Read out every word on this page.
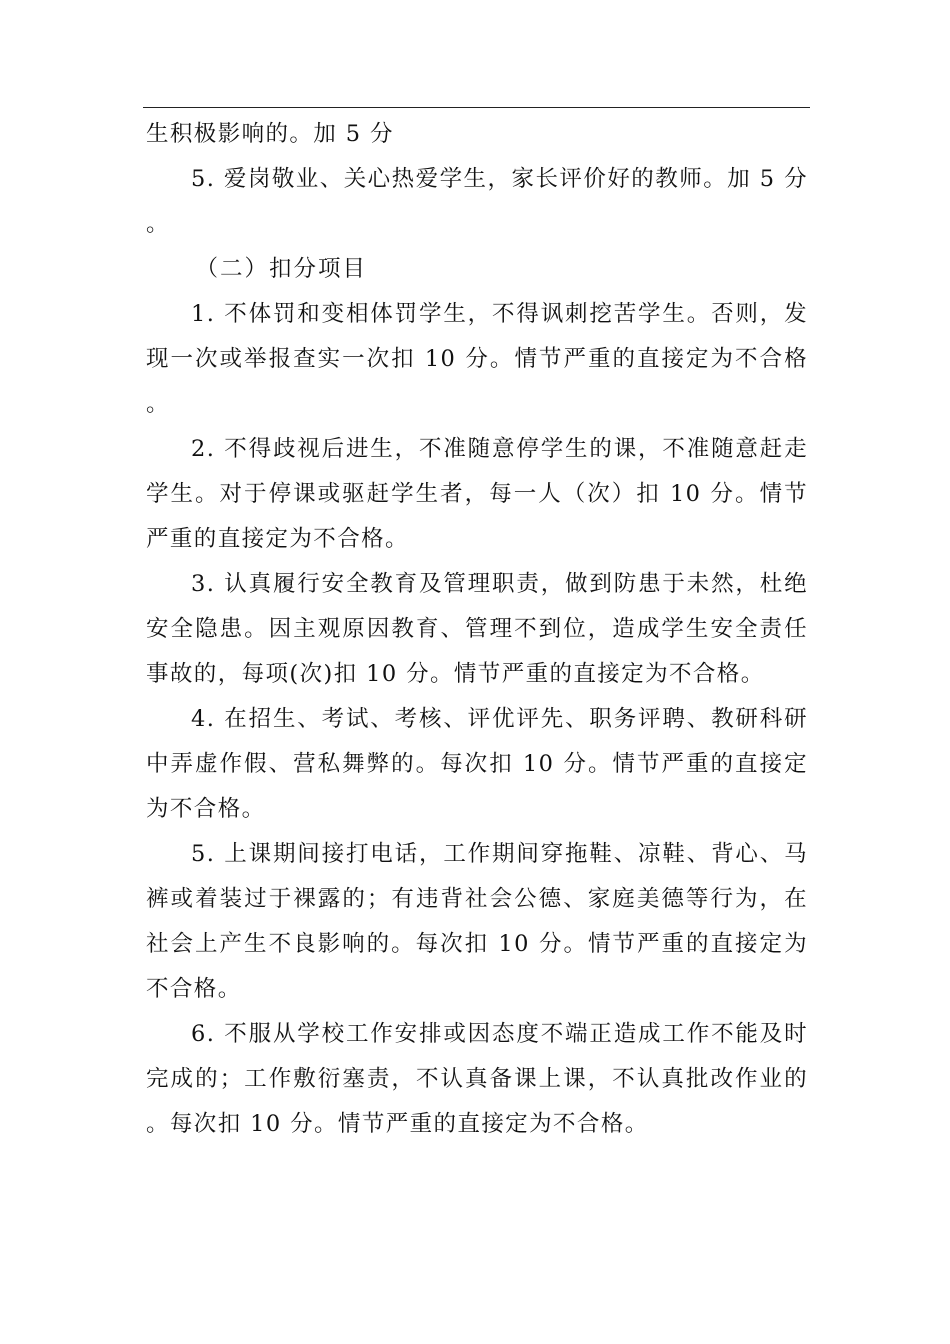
生积极影响的。加 5 分

5. 爱岗敬业、关心热爱学生，家长评价好的教师。加 5 分。

（二）扣分项目

1. 不体罚和变相体罚学生，不得讽刺挖苦学生。否则，发现一次或举报查实一次扣 10 分。情节严重的直接定为不合格。

2. 不得歧视后进生，不准随意停学生的课，不准随意赶走学生。对于停课或驱赶学生者，每一人（次）扣 10 分。情节严重的直接定为不合格。

3. 认真履行安全教育及管理职责，做到防患于未然，杜绝安全隐患。因主观原因教育、管理不到位，造成学生安全责任事故的，每项(次)扣 10 分。情节严重的直接定为不合格。

4. 在招生、考试、考核、评优评先、职务评聘、教研科研中弄虚作假、营私舞弊的。每次扣 10 分。情节严重的直接定为不合格。

5. 上课期间接打电话，工作期间穿拖鞋、凉鞋、背心、马裤或着装过于裸露的；有违背社会公德、家庭美德等行为，在社会上产生不良影响的。每次扣 10 分。情节严重的直接定为不合格。

6. 不服从学校工作安排或因态度不端正造成工作不能及时完成的；工作敷衍塞责，不认真备课上课，不认真批改作业的。每次扣 10 分。情节严重的直接定为不合格。
